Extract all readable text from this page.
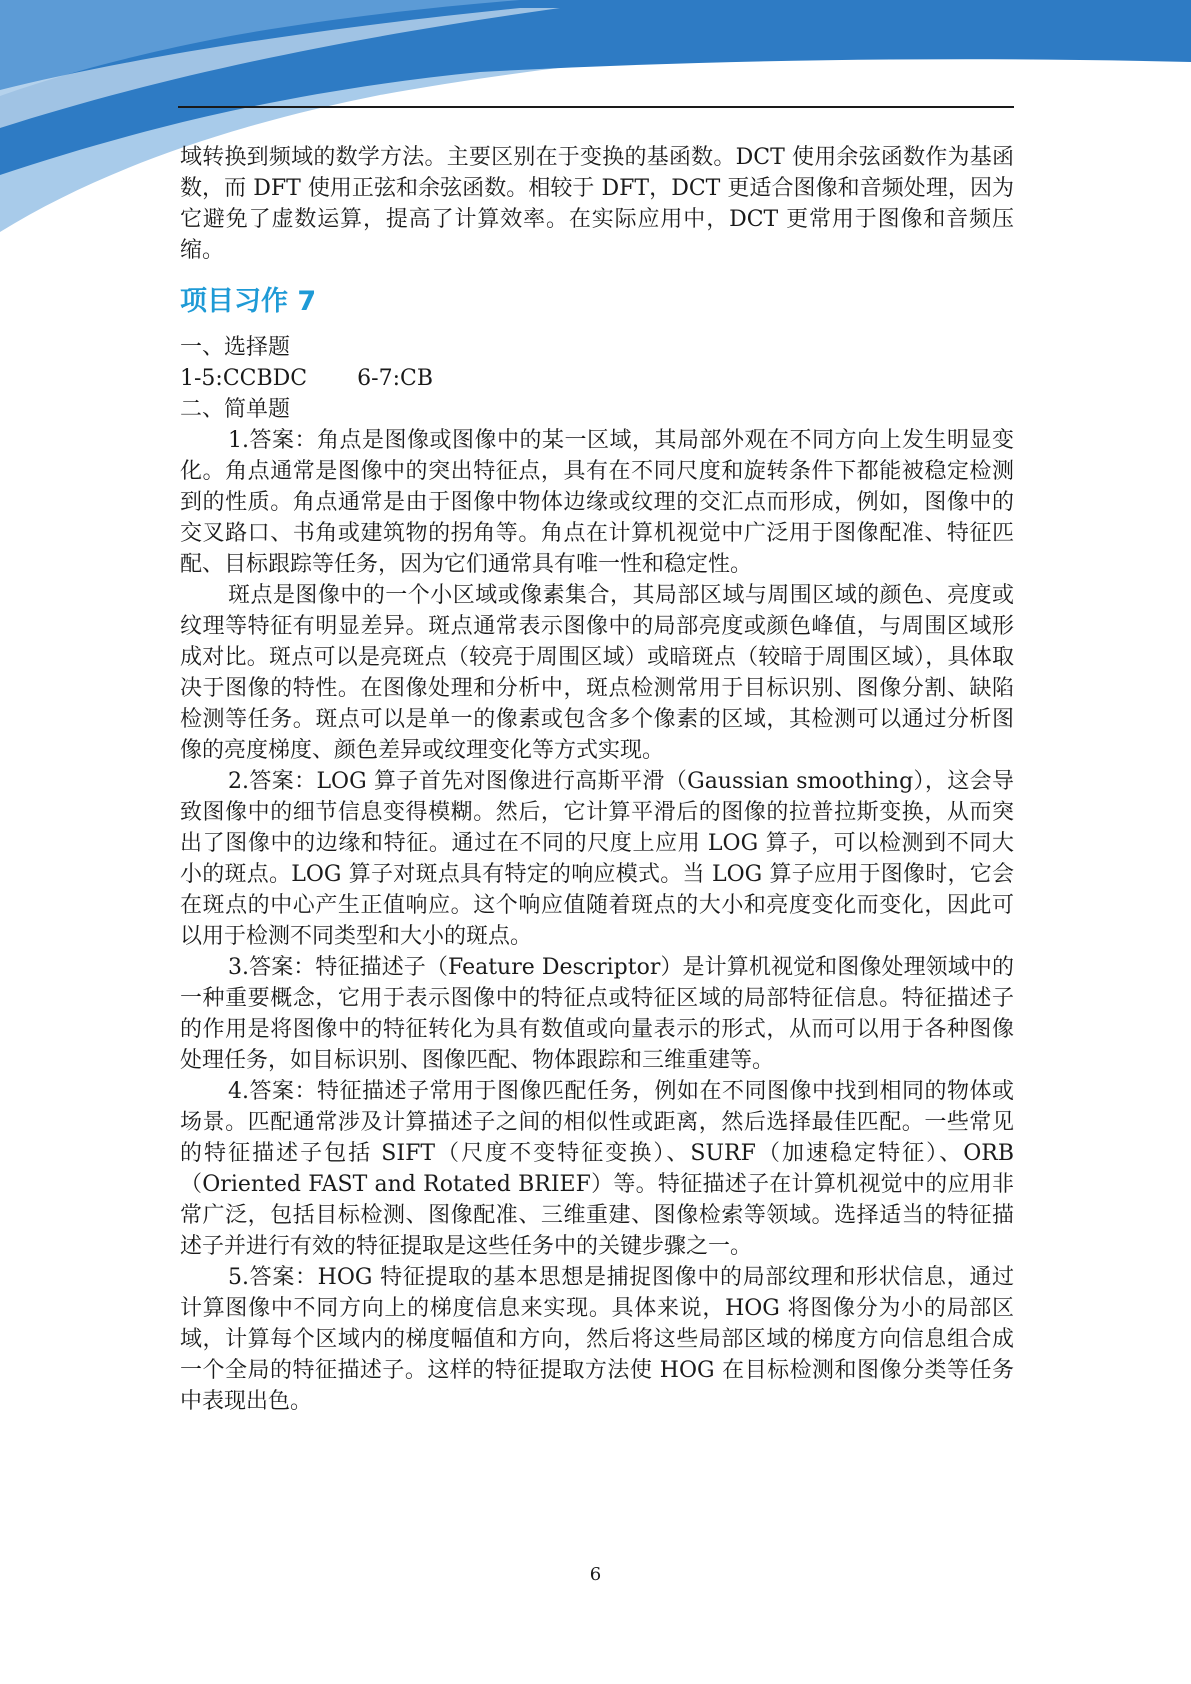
域转换到频域的数学方法。主要区别在于变换的基函数。DCT 使用余弦函数作为基函数，而 DFT 使用正弦和余弦函数。相较于 DFT，DCT 更适合图像和音频处理，因为它避免了虚数运算，提高了计算效率。在实际应用中，DCT 更常用于图像和音频压缩。

项目习作 7

一、选择题

1-5:CCBDC 6-7:CB

二、简单题

1.答案：角点是图像或图像中的某一区域，其局部外观在不同方向上发生明显变化。角点通常是图像中的突出特征点，具有在不同尺度和旋转条件下都能被稳定检测到的性质。角点通常是由于图像中物体边缘或纹理的交汇点而形成，例如，图像中的交叉路口、书角或建筑物的拐角等。角点在计算机视觉中广泛用于图像配准、特征匹配、目标跟踪等任务，因为它们通常具有唯一性和稳定性。

斑点是图像中的一个小区域或像素集合，其局部区域与周围区域的颜色、亮度或纹理等特征有明显差异。斑点通常表示图像中的局部亮度或颜色峰值，与周围区域形成对比。斑点可以是亮斑点（较亮于周围区域）或暗斑点（较暗于周围区域），具体取决于图像的特性。在图像处理和分析中，斑点检测常用于目标识别、图像分割、缺陷检测等任务。斑点可以是单一的像素或包含多个像素的区域，其检测可以通过分析图像的亮度梯度、颜色差异或纹理变化等方式实现。

2.答案：LOG 算子首先对图像进行高斯平滑（Gaussian smoothing），这会导致图像中的细节信息变得模糊。然后，它计算平滑后的图像的拉普拉斯变换，从而突出了图像中的边缘和特征。通过在不同的尺度上应用 LOG 算子，可以检测到不同大小的斑点。LOG 算子对斑点具有特定的响应模式。当 LOG 算子应用于图像时，它会在斑点的中心产生正值响应。这个响应值随着斑点的大小和亮度变化而变化，因此可以用于检测不同类型和大小的斑点。

3.答案：特征描述子（Feature Descriptor）是计算机视觉和图像处理领域中的一种重要概念，它用于表示图像中的特征点或特征区域的局部特征信息。特征描述子的作用是将图像中的特征转化为具有数值或向量表示的形式，从而可以用于各种图像处理任务，如目标识别、图像匹配、物体跟踪和三维重建等。

4.答案：特征描述子常用于图像匹配任务，例如在不同图像中找到相同的物体或场景。匹配通常涉及计算描述子之间的相似性或距离，然后选择最佳匹配。一些常见的特征描述子包括 SIFT（尺度不变特征变换）、SURF（加速稳定特征）、ORB（Oriented FAST and Rotated BRIEF）等。特征描述子在计算机视觉中的应用非常广泛，包括目标检测、图像配准、三维重建、图像检索等领域。选择适当的特征描述子并进行有效的特征提取是这些任务中的关键步骤之一。

5.答案：HOG 特征提取的基本思想是捕捉图像中的局部纹理和形状信息，通过计算图像中不同方向上的梯度信息来实现。具体来说，HOG 将图像分为小的局部区域，计算每个区域内的梯度幅值和方向，然后将这些局部区域的梯度方向信息组合成一个全局的特征描述子。这样的特征提取方法使 HOG 在目标检测和图像分类等任务中表现出色。

6
